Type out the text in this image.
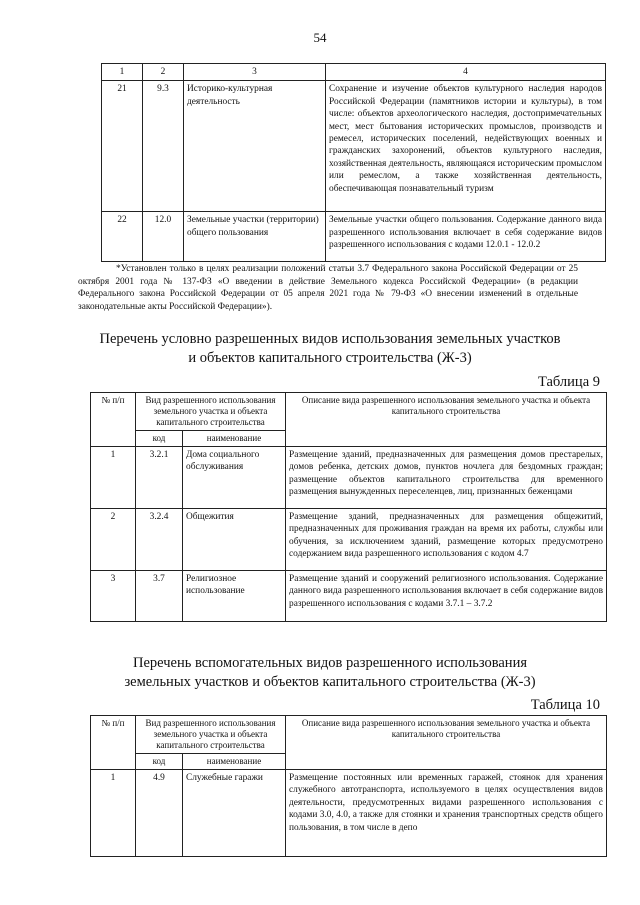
54
1	2	3	4
21	9.3	Историко-культурная деятельность	Сохранение и изучение объектов культурного наследия народов Российской Федерации (памятников истории и культуры), в том числе: объектов археологического наследия, достопримечательных мест, мест бытования исторических промыслов, производств и ремесел, исторических поселений, недействующих военных и гражданских захоронений, объектов культурного наследия, хозяйственная деятельность, являющаяся историческим промыслом или ремеслом, а также хозяйственная деятельность, обеспечивающая познавательный туризм
22	12.0	Земельные участки (территории) общего пользования	Земельные участки общего пользования. Содержание данного вида разрешенного использования включает в себя содержание видов разрешенного использования с кодами 12.0.1 - 12.0.2
*Установлен только в целях реализации положений статьи 3.7 Федерального закона Российской Федерации от 25 октября 2001 года № 137-ФЗ «О введении в действие Земельного кодекса Российской Федерации» (в редакции Федерального закона Российской Федерации от 05 апреля 2021 года № 79-ФЗ «О внесении изменений в отдельные законодательные акты Российской Федерации»).
Перечень условно разрешенных видов использования земельных участков
и объектов капитального строительства (Ж-3)
Таблица 9
№ п/п	Вид разрешенного использования земельного участка и объекта капитального строительства		Описание вида разрешенного использования земельного участка и объекта капитального строительства
	код	наименование	
1	3.2.1	Дома социального обслуживания	Размещение зданий, предназначенных для размещения домов престарелых, домов ребенка, детских домов, пунктов ночлега для бездомных граждан; размещение объектов капитального строительства для временного размещения вынужденных переселенцев, лиц, признанных беженцами
2	3.2.4	Общежития	Размещение зданий, предназначенных для размещения общежитий, предназначенных для проживания граждан на время их работы, службы или обучения, за исключением зданий, размещение которых предусмотрено содержанием вида разрешенного использования с кодом 4.7
3	3.7	Религиозное использование	Размещение зданий и сооружений религиозного использования. Содержание данного вида разрешенного использования включает в себя содержание видов разрешенного использования с кодами 3.7.1 – 3.7.2
Перечень вспомогательных видов разрешенного использования
земельных участков и объектов капитального строительства (Ж-3)
Таблица 10
№ п/п	Вид разрешенного использования земельного участка и объекта капитального строительства		Описание вида разрешенного использования земельного участка и объекта капитального строительства
	код	наименование	
1	4.9	Служебные гаражи	Размещение постоянных или временных гаражей, стоянок для хранения служебного автотранспорта, используемого в целях осуществления видов деятельности, предусмотренных видами разрешенного использования с кодами 3.0, 4.0, а также для стоянки и хранения транспортных средств общего пользования, в том числе в депо
